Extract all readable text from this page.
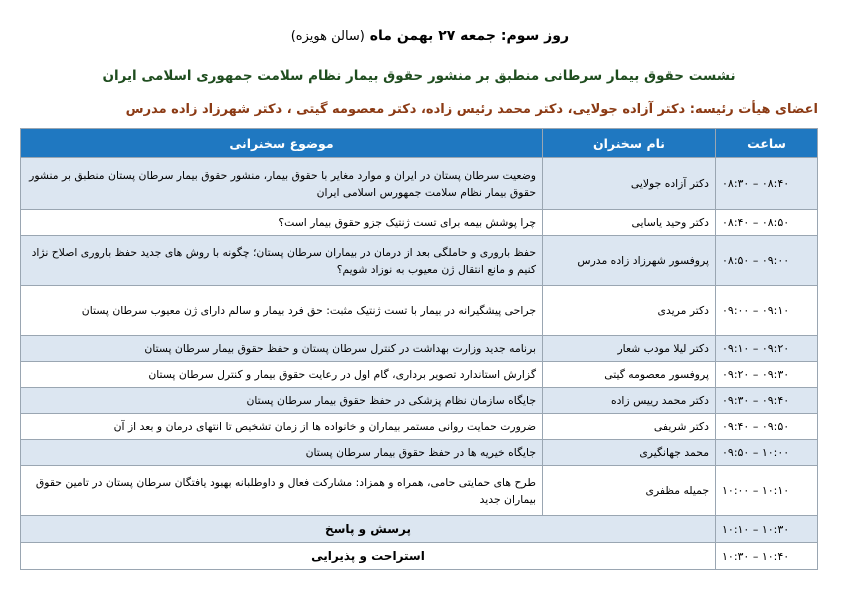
روز سوم: جمعه ۲۷ بهمن ماه (سالن هویزه)
نشست حقوق بیمار سرطانی منطبق بر منشور حقوق بیمار نظام سلامت جمهوری اسلامی ایران
اعضای هیأت رئیسه: دکتر آزاده جولایی، دکتر محمد رئیس زاده، دکتر معصومه گیتی ، دکتر شهرزاد زاده مدرس
ساعت	نام سخنران	موضوع سخنرانی
۰۸:۳۰ – ۰۸:۴۰	دکتر آزاده جولایی	وضعیت سرطان پستان در ایران و موارد مغایر با حقوق بیمار، منشور حقوق بیمار سرطان پستان منطبق بر منشور حقوق بیمار نظام سلامت جمهورس اسلامی ایران
۰۸:۴۰ – ۰۸:۵۰	دکتر وحید یاسایی	چرا پوشش بیمه برای تست ژنتیک جزو حقوق بیمار است؟
۰۸:۵۰ – ۰۹:۰۰	پروفسور شهرزاد زاده مدرس	حفظ باروری و حاملگی بعد از درمان در بیماران سرطان پستان؛ چگونه با روش های جدید حفظ باروری اصلاح نژاد کنیم و مانع انتقال ژن معیوب به نوزاد شویم؟
۰۹:۰۰ – ۰۹:۱۰	دکتر مریدی	جراحی پیشگیرانه در بیمار با تست ژنتیک مثبت: حق فرد بیمار و سالم دارای ژن معیوب سرطان پستان
۰۹:۱۰ – ۰۹:۲۰	دکتر لیلا مودب شعار	برنامه جدید وزارت بهداشت در کنترل سرطان پستان و حفظ حقوق بیمار سرطان پستان
۰۹:۲۰ – ۰۹:۳۰	پروفسور معصومه گیتی	گزارش استاندارد تصویر برداری، گام اول در رعایت حقوق بیمار و کنترل سرطان پستان
۰۹:۳۰ – ۰۹:۴۰	دکتر محمد رییس زاده	جایگاه سازمان نظام پزشکی در حفظ حقوق بیمار سرطان پستان
۰۹:۴۰ – ۰۹:۵۰	دکتر شریفی	ضرورت حمایت روانی مستمر بیماران و خانواده ها از زمان تشخیص تا انتهای درمان و بعد از آن
۰۹:۵۰ – ۱۰:۰۰	محمد جهانگیری	جایگاه خیریه ها در حفظ حقوق بیمار سرطان پستان
۱۰:۰۰ – ۱۰:۱۰	جمیله مظفری	طرح های حمایتی حامی، همراه و همزاد: مشارکت فعال و داوطلبانه بهبود یافتگان سرطان پستان در تامین حقوق بیماران جدید
۱۰:۱۰ – ۱۰:۳۰	پرسش و پاسخ	
۱۰:۳۰ – ۱۰:۴۰	استراحت و پذیرایی	
